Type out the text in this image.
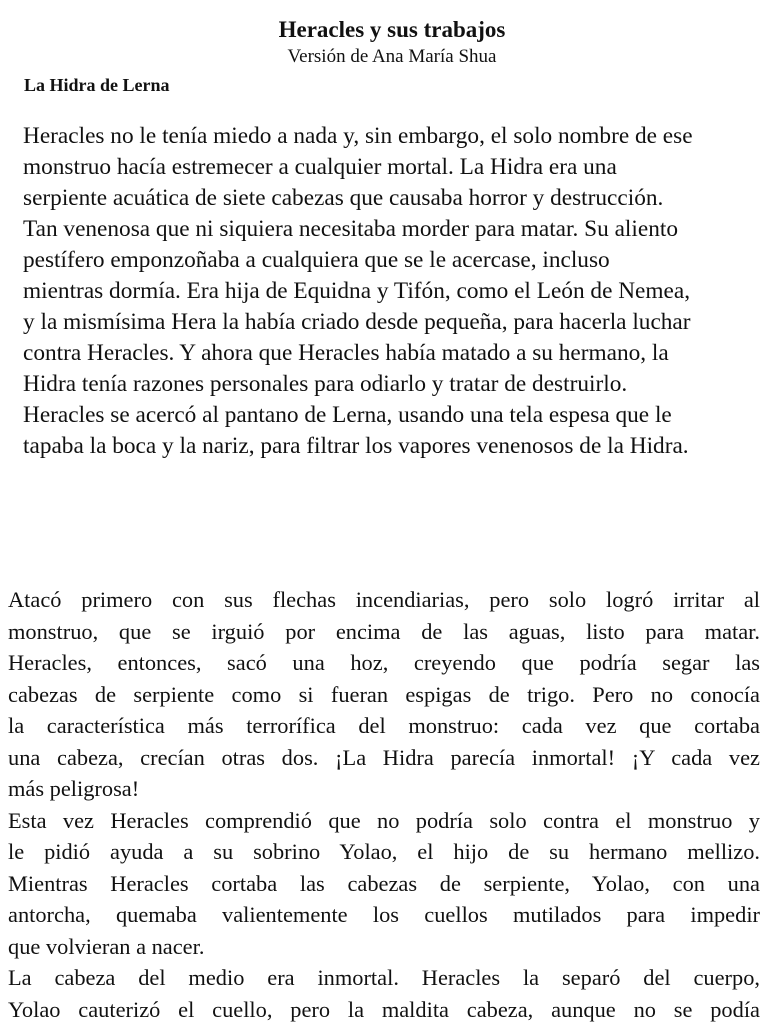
Heracles y sus trabajos
Versión de Ana María Shua
La Hidra de Lerna
Heracles no le tenía miedo a nada y, sin embargo, el solo nombre de ese
monstruo hacía estremecer a cualquier mortal. La Hidra era una
serpiente acuática de siete cabezas que causaba horror y destrucción.
Tan venenosa que ni siquiera necesitaba morder para matar. Su aliento
pestífero emponzoñaba a cualquiera que se le acercase, incluso
mientras dormía. Era hija de Equidna y Tifón, como el León de Nemea,
y la mismísima Hera la había criado desde pequeña, para hacerla luchar
contra Heracles. Y ahora que Heracles había matado a su hermano, la
Hidra tenía razones personales para odiarlo y tratar de destruirlo.
Heracles se acercó al pantano de Lerna, usando una tela espesa que le
tapaba la boca y la nariz, para filtrar los vapores venenosos de la Hidra.
Atacó primero con sus flechas incendiarias, pero solo logró irritar al
monstruo, que se irguió por encima de las aguas, listo para matar.
Heracles, entonces, sacó una hoz, creyendo que podría segar las
cabezas de serpiente como si fueran espigas de trigo. Pero no conocía
la característica más terrorífica del monstruo: cada vez que cortaba
una cabeza, crecían otras dos. ¡La Hidra parecía inmortal! ¡Y cada vez
más peligrosa!
Esta vez Heracles comprendió que no podría solo contra el monstruo y
le pidió ayuda a su sobrino Yolao, el hijo de su hermano mellizo.
Mientras Heracles cortaba las cabezas de serpiente, Yolao, con una
antorcha, quemaba valientemente los cuellos mutilados para impedir
que volvieran a nacer.
La cabeza del medio era inmortal. Heracles la separó del cuerpo,
Yolao cauterizó el cuello, pero la maldita cabeza, aunque no se podía
